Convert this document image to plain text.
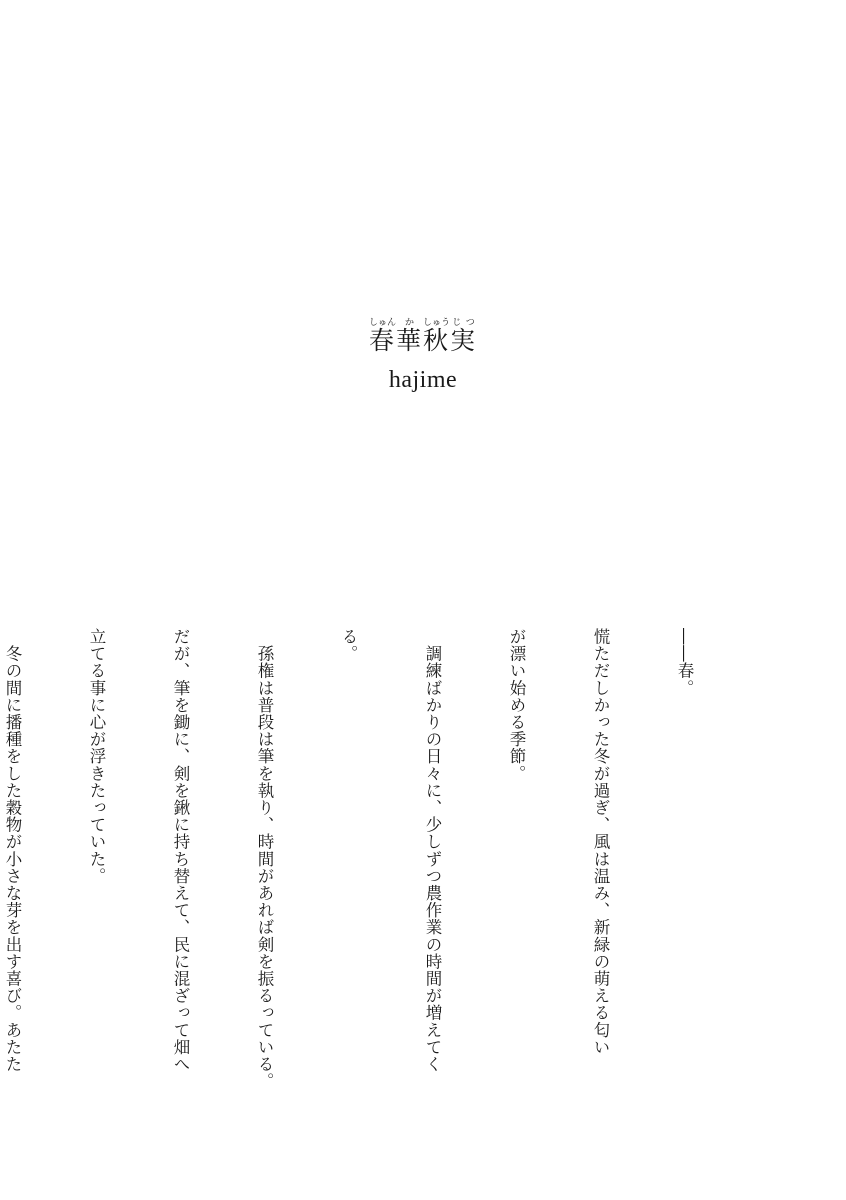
春しゅん華か秋しゅう実じつ
hajime

――春。

慌ただしかった冬が過ぎ、風は温み、新緑の萌える匂い

が漂い始める季節。

　調練ばかりの日々に、少しずつ農作業の時間が増えてく

る。

　孫権は普段は筆を執り、時間があれば剣を振るっている。

だが、筆を鋤に、剣を鍬に持ち替えて、民に混ざって畑へ

立てる事に心が浮きたっていた。

　冬の間に播種をした穀物が小さな芽を出す喜び。あたた
